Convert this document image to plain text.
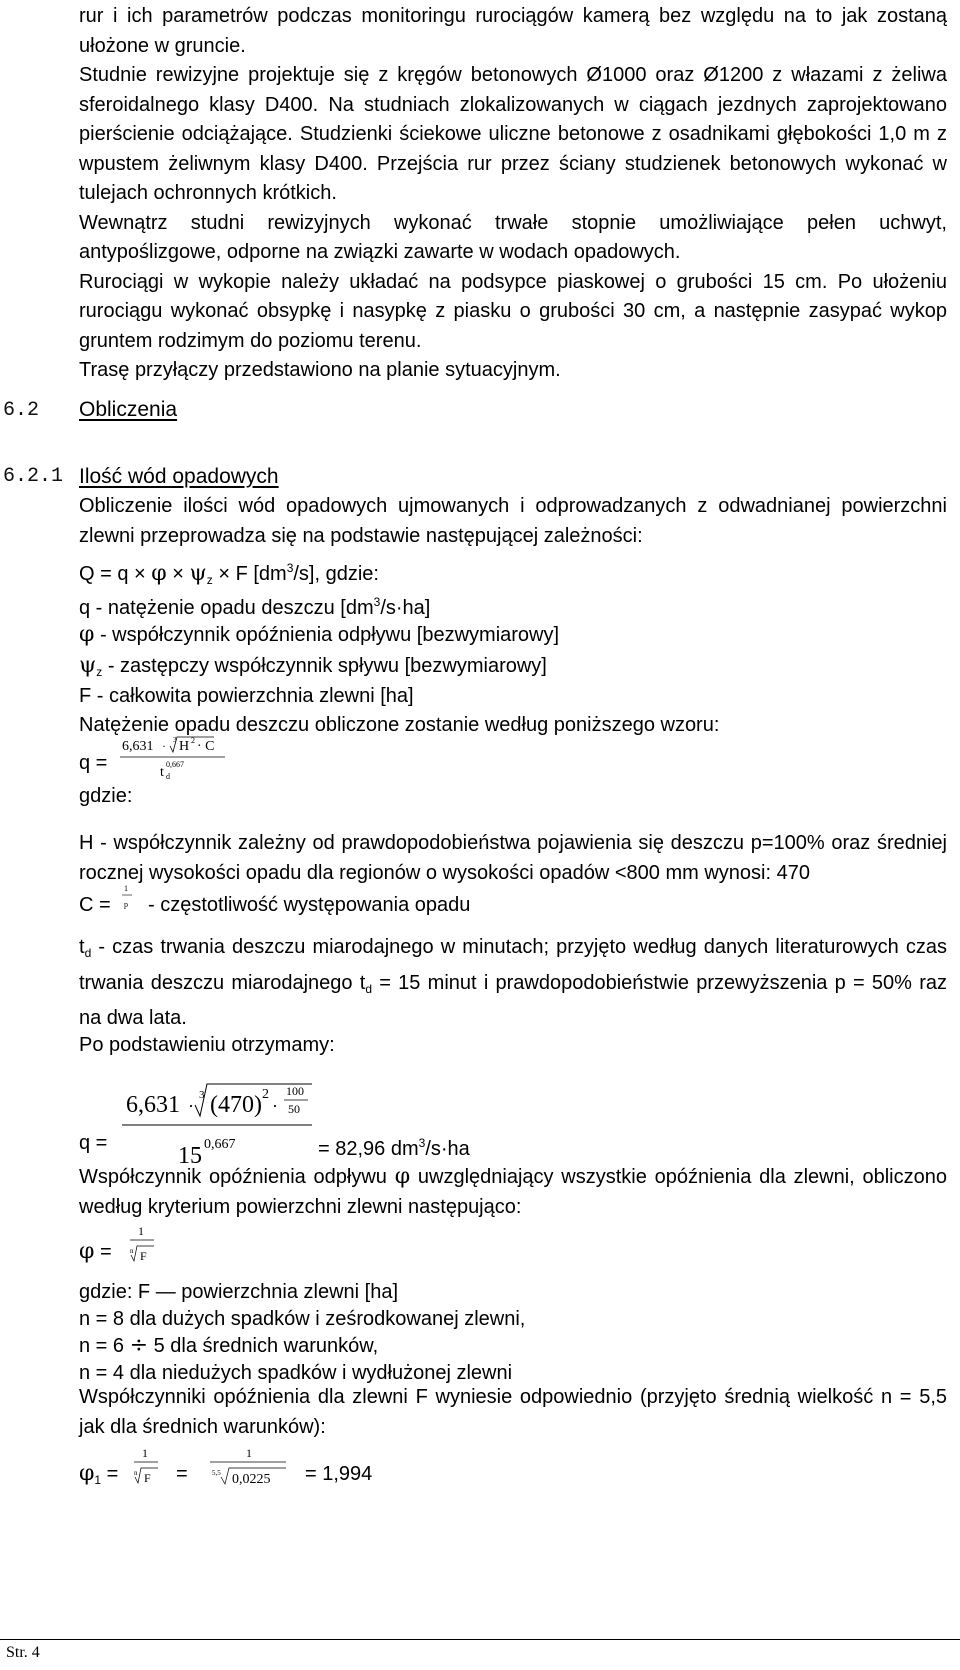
rur i ich parametrów podczas monitoringu rurociągów kamerą bez względu na to jak zostaną ułożone w gruncie.

Studnie rewizyjne projektuje się z kręgów betonowych Ø1000 oraz Ø1200 z włazami z żeliwa sferoidalnego klasy D400. Na studniach zlokalizowanych w ciągach jezdnych zaprojektowano pierścienie odciążające. Studzienki ściekowe uliczne betonowe z osadnikami głębokości 1,0 m z wpustem żeliwnym klasy D400. Przejścia rur przez ściany studzienek betonowych wykonać w tulejach ochronnych krótkich.

Wewnątrz studni rewizyjnych wykonać trwałe stopnie umożliwiające pełen uchwyt, antypoślizgowe, odporne na związki zawarte w wodach opadowych.

Rurociągi w wykopie należy układać na podsypce piaskowej o grubości 15 cm. Po ułożeniu rurociągu wykonać obsypkę i nasypkę z piasku o grubości 30 cm, a następnie zasypać wykop gruntem rodzimym do poziomu terenu.

Trasę przyłączy przedstawiono na planie sytuacyjnym.

6.2 Obliczenia
6.2.1 Ilość wód opadowych

Obliczenie ilości wód opadowych ujmowanych i odprowadzanych z odwadnianej powierzchni zlewni przeprowadza się na podstawie następującej zależności:

$Q = q \times \varphi \times \psi_z \times F$ $[dm^3/s]$, gdzie:
q - natężenie opadu deszczu $[dm^3/s\cdot ha]$
φ - współczynnik opóźnienia odpływu [bezwymiarowy]
$\psi_z$ - zastępczy współczynnik spływu [bezwymiarowy]
F - całkowita powierzchnia zlewni [ha]
Natężenie opadu deszczu obliczone zostanie według poniższego wzoru:
q =
6,631 · 3 H 2 · C
t d
0,667
gdzie:

H - współczynnik zależny od prawdopodobieństwa pojawienia się deszczu p=100% oraz średniej rocznej wysokości opadu dla regionów o wysokości opadów <800 mm wynosi: 470

C =
1
p - częstotliwość występowania opadu

$t_d$ - czas trwania deszczu miarodajnego w minutach; przyjęto według danych literaturowych czas trwania deszczu miarodajnego $t_d = 15$ minut i prawdopodobieństwie przewyższenia p = 50% raz na dwa lata.

Po podstawieniu otrzymamy:
q =
6,631 ·
3 (470) 2
·
100
50
15 0,667	= 82,96 $dm^3/s\cdot ha$

Współczynnik opóźnienia odpływu φ uwzględniający wszystkie opóźnienia dla zlewni, obliczono według kryterium powierzchni zlewni następująco:

φ =
1
n F
gdzie: F — powierzchnia zlewni [ha]
n = 8 dla dużych spadków i ześrodkowanej zlewni,
n = 6 ÷ 5 dla średnich warunków,
n = 4 dla niedużych spadków i wydłużonej zlewni

Współczynniki opóźnienia dla zlewni F wyniesie odpowiednio (przyjęto średnią wielkość n = 5,5 jak dla średnich warunków):

$\varphi_1$ =
1
n F =
1
5,5 0,0225 = 1,994
Str. 4
